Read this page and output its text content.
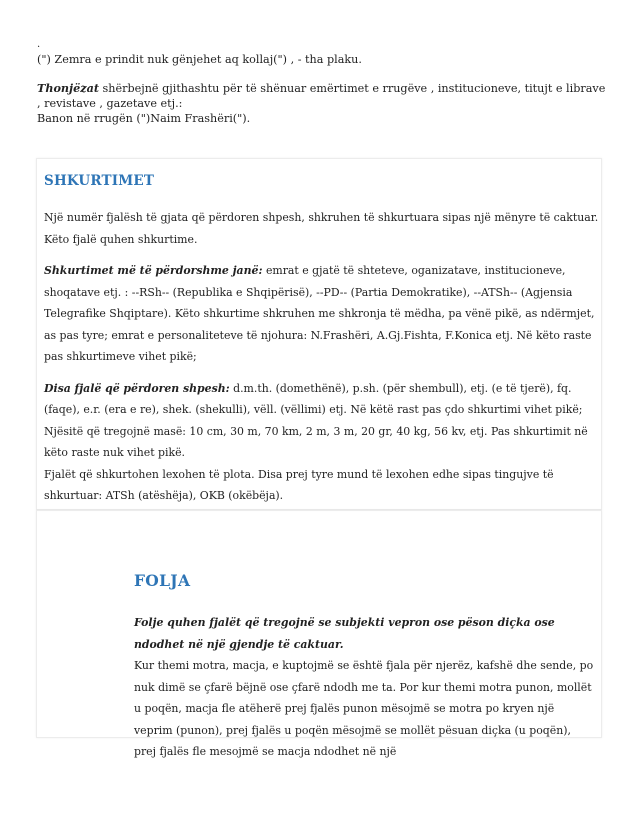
.

(") Zemra e prindit nuk gënjehet aq kollaj(") , - tha plaku.

Thonjëzat shërbejnë gjithashtu për të shënuar emërtimet e rrugëve , institucioneve, titujt e librave , revistave , gazetave etj.:

Banon në rrugën (")Naim Frashëri(").

SHKURTIMET

Një numër fjalësh të gjata që përdoren shpesh, shkruhen të shkurtuara sipas një mënyre të caktuar. Këto fjalë quhen shkurtime.

Shkurtimet më të përdorshme janë: emrat e gjatë të shteteve, oganizatave, institucioneve, shoqatave etj. : --RSh-- (Republika e Shqipërisë), --PD-- (Partia Demokratike), --ATSh-- (Agjensia Telegrafike Shqiptare). Këto shkurtime shkruhen me shkronja të mëdha, pa vënë pikë, as ndërmjet, as pas tyre; emrat e personaliteteve të njohura: N.Frashëri, A.Gj.Fishta, F.Konica etj. Në këto raste pas shkurtimeve vihet pikë;

Disa fjalë që përdoren shpesh: d.m.th. (domethënë), p.sh. (për shembull), etj. (e të tjerë), fq. (faqe), e.r. (era e re), shek. (shekulli), vëll. (vëllimi) etj. Në këtë rast pas çdo shkurtimi vihet pikë;

Njësitë që tregojnë masë: 10 cm, 30 m, 70 km, 2 m, 3 m, 20 gr, 40 kg, 56 kv, etj. Pas shkurtimit në këto raste nuk vihet pikë.

Fjalët që shkurtohen lexohen të plota. Disa prej tyre mund të lexohen edhe sipas tingujve të shkurtuar: ATSh (atëshëja), OKB (okëbëja).

FOLJA

Folje quhen fjalët që tregojnë se subjekti vepron ose pëson diçka ose ndodhet në një gjendje të caktuar.

Kur themi motra, macja, e kuptojmë se është fjala për njerëz, kafshë dhe sende, po nuk dimë se çfarë bëjnë ose çfarë ndodh me ta. Por kur themi motra punon, mollët u poqën, macja fle atëherë prej fjalës punon mësojmë se motra po kryen një veprim (punon), prej fjalës u poqën mësojmë se mollët pësuan diçka (u poqën), prej fjalës fle mesojmë se macja ndodhet në një
